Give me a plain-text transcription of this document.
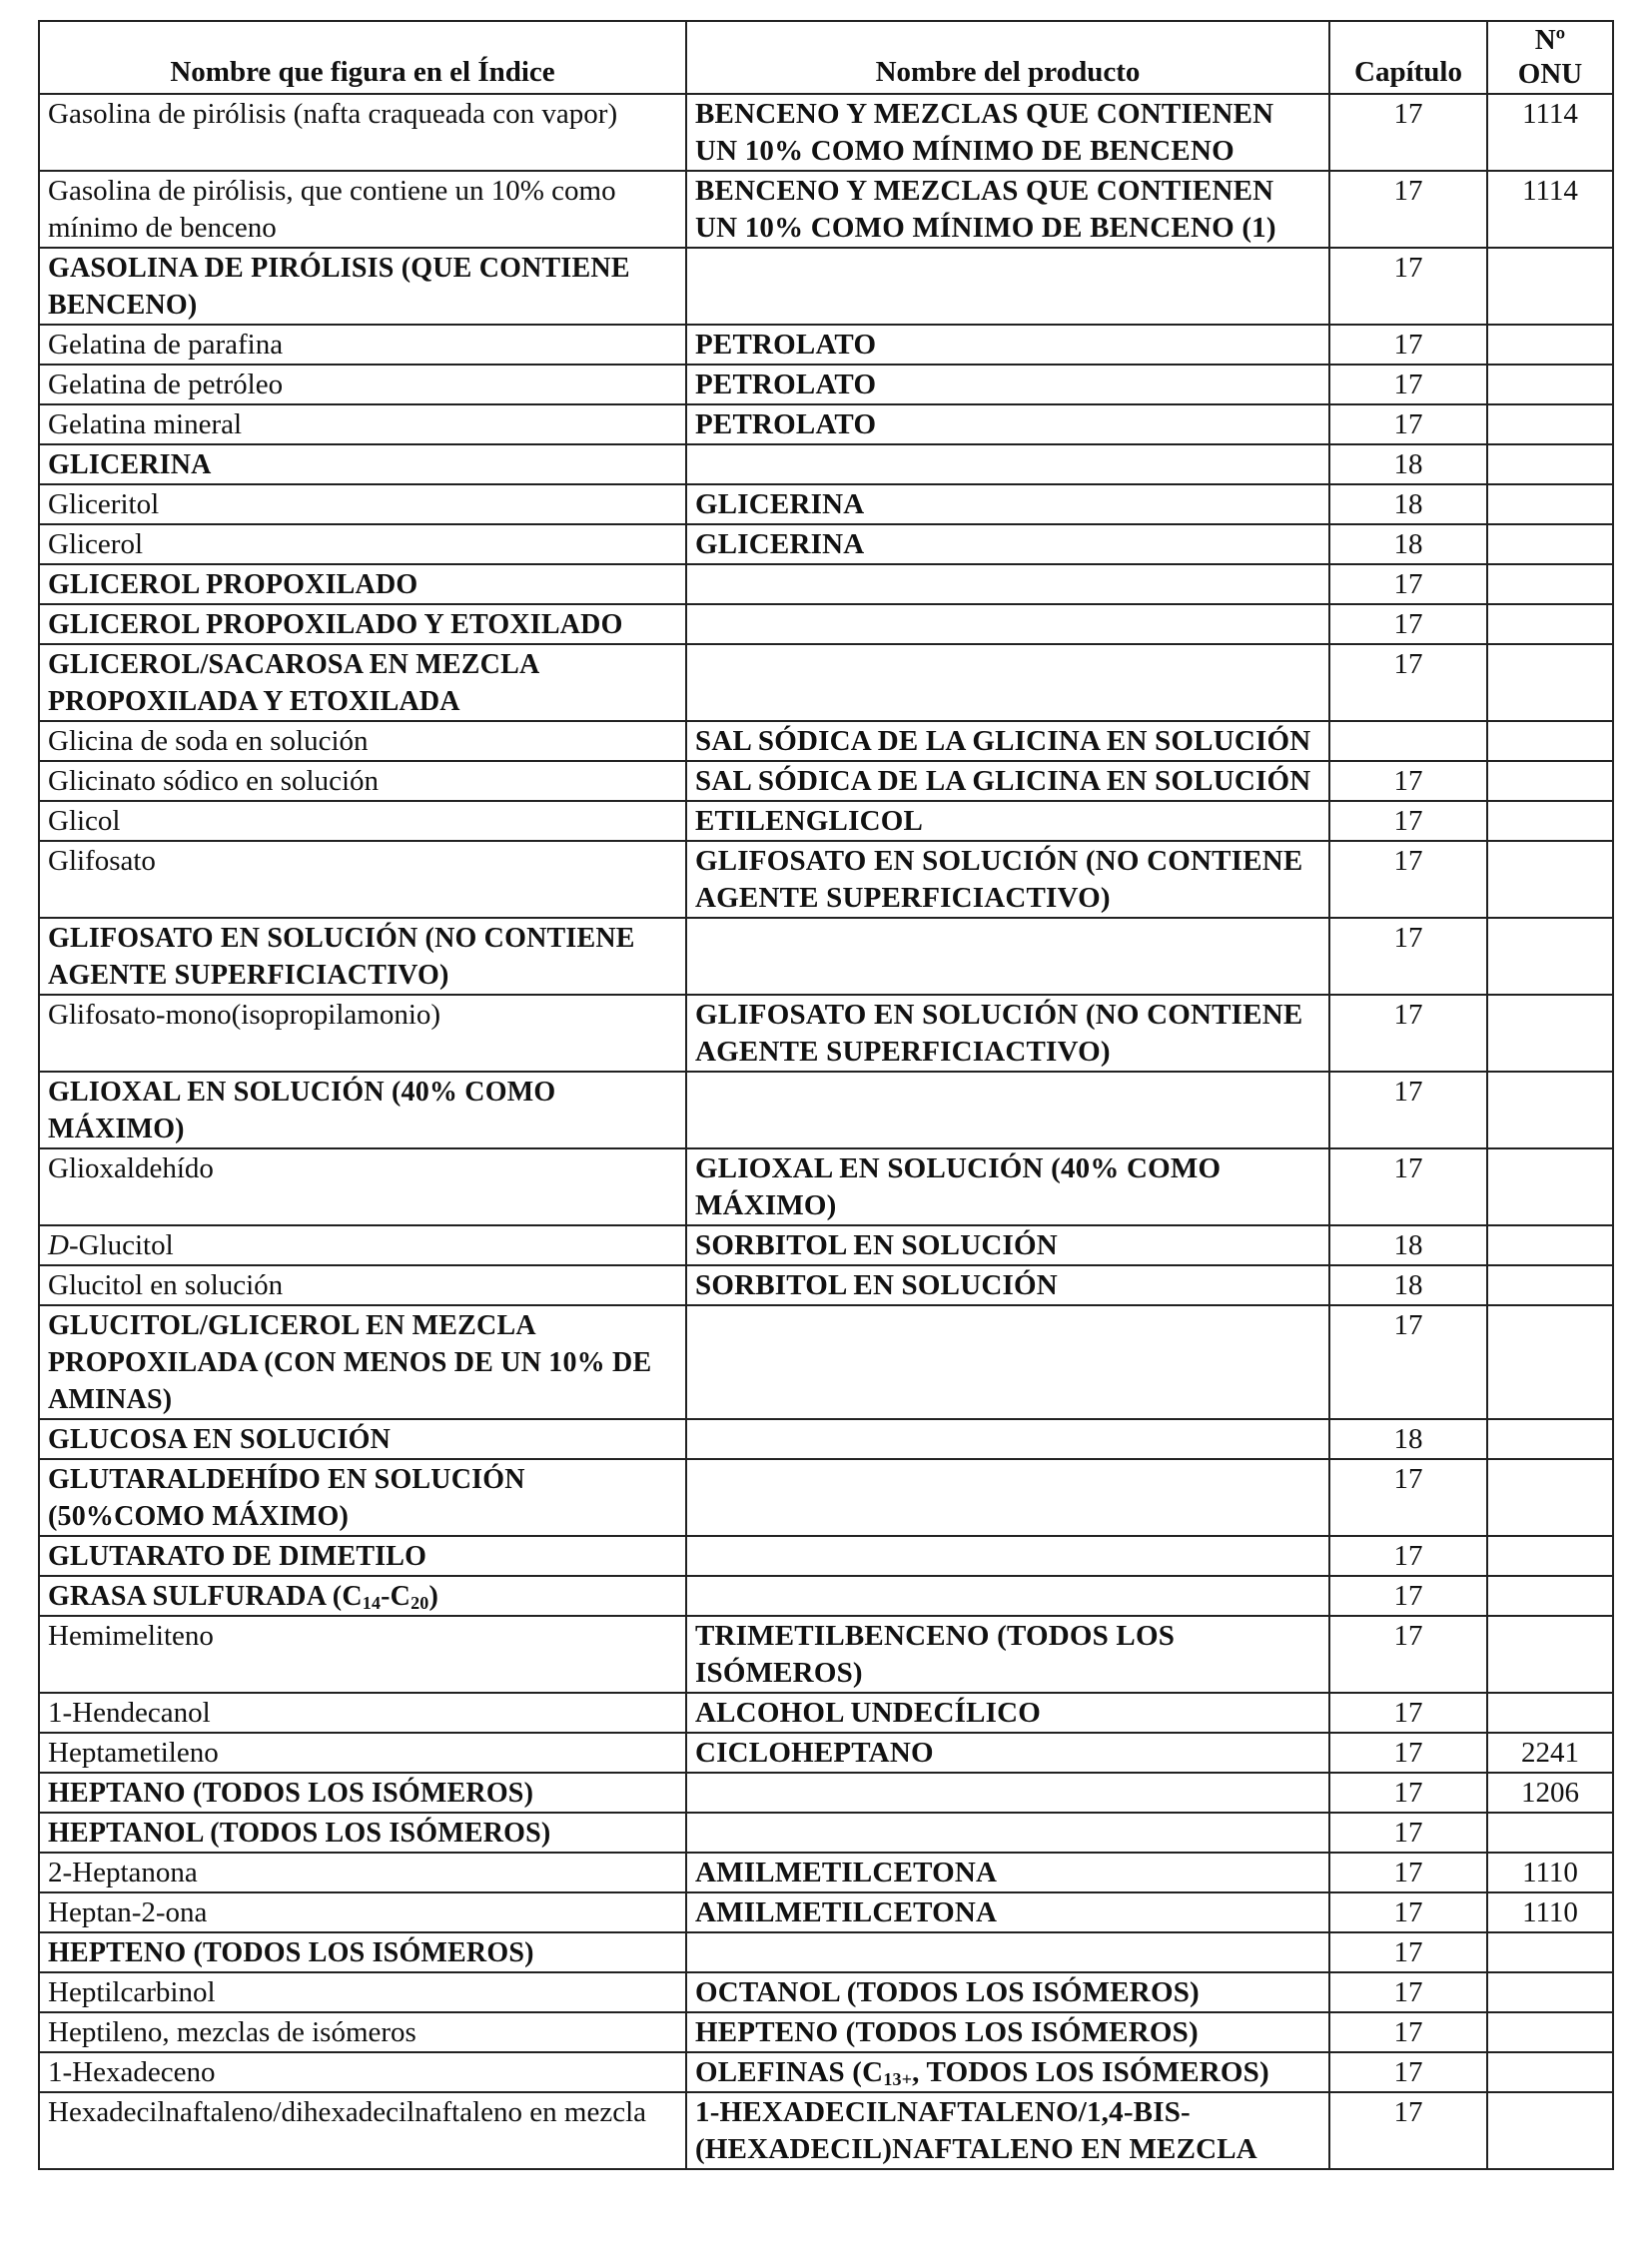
Nombre que figura en el Índice	Nombre del producto	Capítulo	Nº
ONU

Gasolina de pirólisis (nafta craqueada con vapor)	BENCENO Y MEZCLAS QUE CONTIENEN UN 10% COMO MÍNIMO DE BENCENO	17	1114
Gasolina de pirólisis, que contiene un 10% como mínimo de benceno	BENCENO Y MEZCLAS QUE CONTIENEN UN 10% COMO MÍNIMO DE BENCENO (1)	17	1114
GASOLINA DE PIRÓLISIS (QUE CONTIENE BENCENO)		17	
Gelatina de parafina	PETROLATO	17	
Gelatina de petróleo	PETROLATO	17	
Gelatina mineral	PETROLATO	17	
GLICERINA		18	
Gliceritol	GLICERINA	18	
Glicerol	GLICERINA	18	
GLICEROL PROPOXILADO		17	
GLICEROL PROPOXILADO Y ETOXILADO		17	
GLICEROL/SACAROSA EN MEZCLA PROPOXILADA Y ETOXILADA		17	
Glicina de soda en solución	SAL SÓDICA DE LA GLICINA EN SOLUCIÓN		
Glicinato sódico en solución	SAL SÓDICA DE LA GLICINA EN SOLUCIÓN	17	
Glicol	ETILENGLICOL	17	
Glifosato	GLIFOSATO EN SOLUCIÓN (NO CONTIENE AGENTE SUPERFICIACTIVO)	17	
GLIFOSATO EN SOLUCIÓN (NO CONTIENE AGENTE SUPERFICIACTIVO)		17	
Glifosato-mono(isopropilamonio)	GLIFOSATO EN SOLUCIÓN (NO CONTIENE AGENTE SUPERFICIACTIVO)	17	
GLIOXAL EN SOLUCIÓN (40% COMO MÁXIMO)		17	
Glioxaldehído	GLIOXAL EN SOLUCIÓN (40% COMO MÁXIMO)	17	
D-Glucitol	SORBITOL EN SOLUCIÓN	18	
Glucitol en solución	SORBITOL EN SOLUCIÓN	18	
GLUCITOL/GLICEROL EN MEZCLA PROPOXILADA (CON MENOS DE UN 10% DE AMINAS)		17	
GLUCOSA EN SOLUCIÓN		18	
GLUTARALDEHÍDO EN SOLUCIÓN (50%COMO MÁXIMO)		17	
GLUTARATO DE DIMETILO		17	
GRASA SULFURADA $(C_{14}-C_{20})$		17	
Hemimeliteno	TRIMETILBENCENO (TODOS LOS ISÓMEROS)	17	
1-Hendecanol	ALCOHOL UNDECÍLICO	17	
Heptametileno	CICLOHEPTANO	17	2241
HEPTANO (TODOS LOS ISÓMEROS)		17	1206
HEPTANOL (TODOS LOS ISÓMEROS)		17	
2-Heptanona	AMILMETILCETONA	17	1110
Heptan-2-ona	AMILMETILCETONA	17	1110
HEPTENO (TODOS LOS ISÓMEROS)		17	
Heptilcarbinol	OCTANOL (TODOS LOS ISÓMEROS)	17	
Heptileno, mezclas de isómeros	HEPTENO (TODOS LOS ISÓMEROS)	17	
1-Hexadeceno	OLEFINAS ($C_{13+}$, TODOS LOS ISÓMEROS)	17	
Hexadecilnaftaleno/dihexadecilnaftaleno en mezcla	1-HEXADECILNAFTALENO/1,4-BIS-(HEXADECIL)NAFTALENO EN MEZCLA	17	
